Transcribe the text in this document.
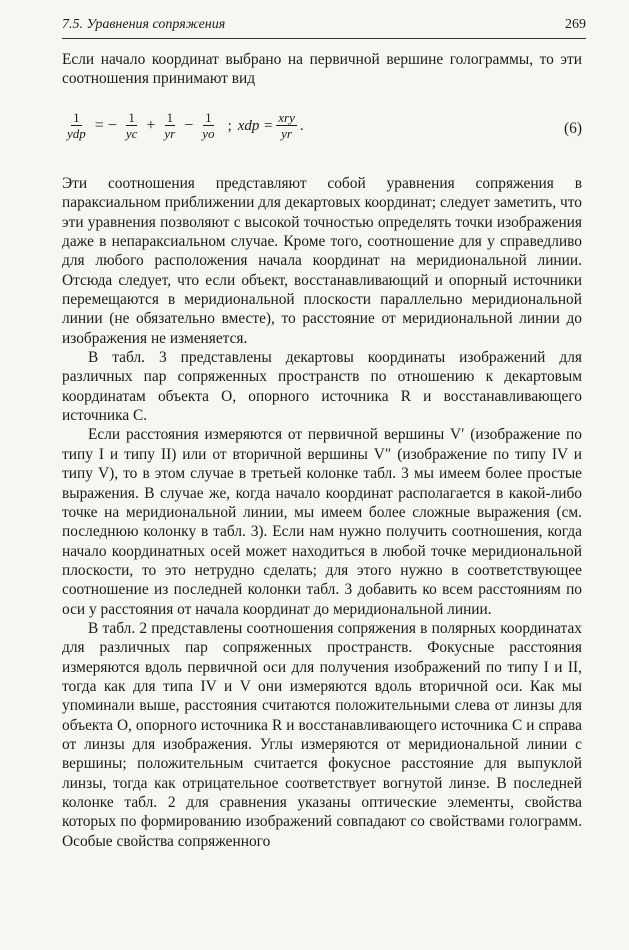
7.5. Уравнения сопряжения	269
Если начало координат выбрано на первичной вершине голограммы, то эти соотношения принимают вид
$\frac{1}{\text{ydp}}$ = − $\frac{1}{yc} + \frac{1}{yr} - \frac{1}{yo}$ ; xdp = $\frac{\text{xry}}{yr}$ .	(6)

Эти соотношения представляют собой уравнения сопряжения в параксиальном приближении для декартовых координат; следует заметить, что эти уравнения позволяют с высокой точностью определять точки изображения даже в непараксиальном случае. Кроме того, соотношение для y справедливо для любого расположения начала координат на меридиональной линии. Отсюда следует, что если объект, восстанавливающий и опорный источники перемещаются в меридиональной плоскости параллельно меридиональной линии (не обязательно вместе), то расстояние от меридиональной линии до изображения не изменяется.

В табл. 3 представлены декартовы координаты изображений для различных пар сопряженных пространств по отношению к декартовым координатам объекта O, опорного источника R и восстанавливающего источника C.

Если расстояния измеряются от первичной вершины V′ (изображение по типу I и типу II) или от вторичной вершины V″ (изображение по типу IV и типу V), то в этом случае в третьей колонке табл. 3 мы имеем более простые выражения. В случае же, когда начало координат располагается в какой-либо точке на меридиональной линии, мы имеем более сложные выражения (см. последнюю колонку в табл. 3). Если нам нужно получить соотношения, когда начало координатных осей может находиться в любой точке меридиональной плоскости, то это нетрудно сделать; для этого нужно в соответствующее соотношение из последней колонки табл. 3 добавить ко всем расстояниям по оси y расстояния от начала координат до меридиональной линии.

В табл. 2 представлены соотношения сопряжения в полярных координатах для различных пар сопряженных пространств. Фокусные расстояния измеряются вдоль первичной оси для получения изображений по типу I и II, тогда как для типа IV и V они измеряются вдоль вторичной оси. Как мы упоминали выше, расстояния считаются положительными слева от линзы для объекта O, опорного источника R и восстанавливающего источника C и справа от линзы для изображения. Углы измеряются от меридиональной линии с вершины; положительным считается фокусное расстояние для выпуклой линзы, тогда как отрицательное соответствует вогнутой линзе. В последней колонке табл. 2 для сравнения указаны оптические элементы, свойства которых по формированию изображений совпадают со свойствами голограмм. Особые свойства сопряженного
